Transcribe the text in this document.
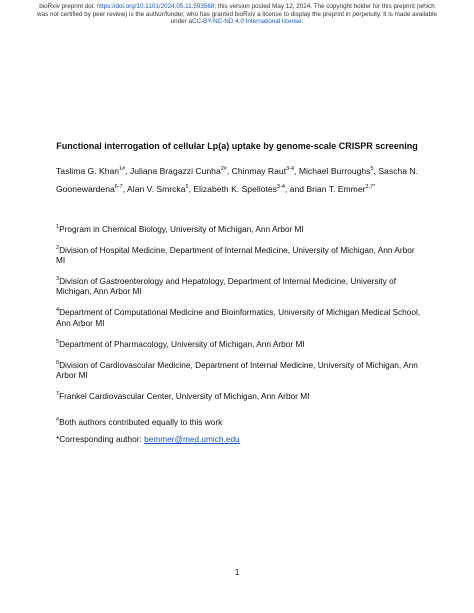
bioRxiv preprint doi: https://doi.org/10.1101/2024.05.11.593568; this version posted May 12, 2024. The copyright holder for this preprint (which was not certified by peer review) is the author/funder, who has granted bioRxiv a license to display the preprint in perpetuity. It is made available under aCC-BY-NC-ND 4.0 International license.
Functional interrogation of cellular Lp(a) uptake by genome-scale CRISPR screening
Taslima G. Khan$^{1\#}$, Juliana Bragazzi Cunha$^{2\#}$, Chinmay Raut$^{3-4}$, Michael Burroughs$^5$, Sascha N. Goonewardena$^{6-7}$, Alan V. Smrcka$^5$, Elizabeth K. Speliotes$^{3-4}$, and Brian T. Emmer$^{2,7*}$

$^1$Program in Chemical Biology, University of Michigan, Ann Arbor MI

$^2$Division of Hospital Medicine, Department of Internal Medicine, University of Michigan, Ann Arbor MI

$^3$Division of Gastroenterology and Hepatology, Department of Internal Medicine, University of Michigan, Ann Arbor MI

$^4$Department of Computational Medicine and Bioinformatics, University of Michigan Medical School, Ann Arbor MI

$^5$Department of Pharmacology, University of Michigan, Ann Arbor MI

$^6$Division of Cardiovascular Medicine, Department of Internal Medicine, University of Michigan, Ann Arbor MI

$^7$Frankel Cardiovascular Center, University of Michigan, Ann Arbor MI

#Both authors contributed equally to this work

*Corresponding author: bemmer@med.umich.edu

1
